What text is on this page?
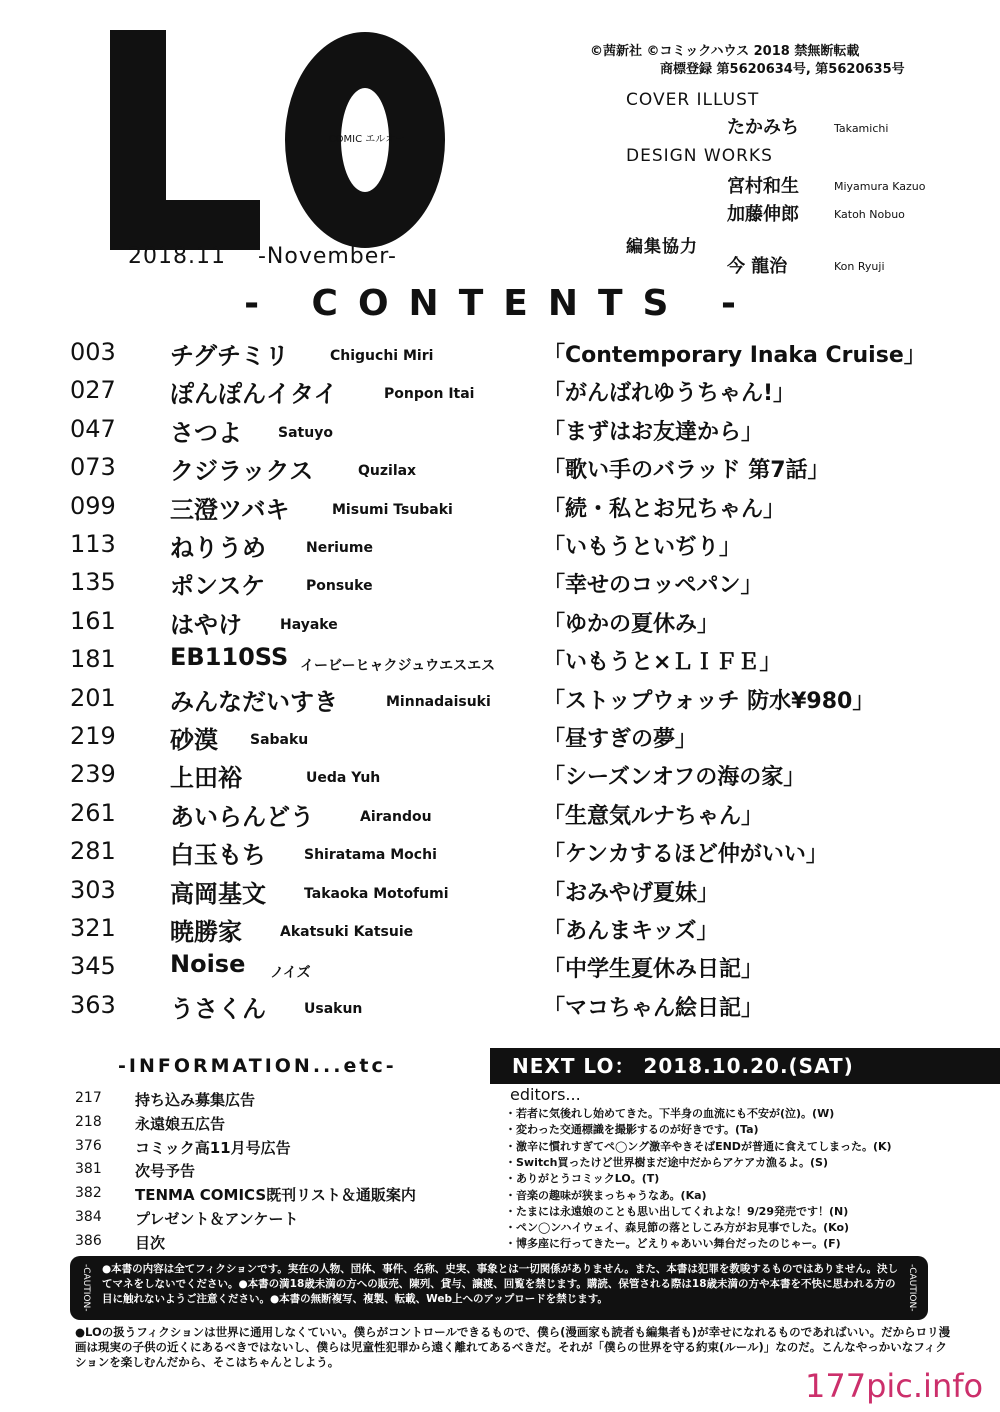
COMIC エルオー
2018.11 -November-
©茜新社 ©コミックハウス 2018 禁無断転載
商標登録 第5620634号, 第5620635号
COVER ILLUST
たかみち	Takamichi
DESIGN WORKS
宮村和生	Miyamura Kazuo
加藤伸郎	Katoh Nobuo
編集協力
今 龍治	Kon Ryuji
- CONTENTS -
003 チグチミリ	Chiguchi Miri	「Contemporary Inaka Cruise」
027 ぽんぽんイタイ	Ponpon Itai	「がんばれゆうちゃん!」
047 さつよ	Satuyo	「まずはお友達から」
073 クジラックス	Quzilax	「歌い手のバラッド 第7話」
099 三澄ツバキ	Misumi Tsubaki	「続・私とお兄ちゃん」
113 ねりうめ	Neriume	「いもうといぢり」
135 ポンスケ	Ponsuke	「幸せのコッペパン」
161 はやけ	Hayake	「ゆかの夏休み」
181 EB110SS イービーヒャクジュウエスエス 「いもうと×ＬＩＦＥ」
201 みんなだいすき	Minnadaisuki 「ストップウォッチ 防水¥980」
219 砂漠 Sabaku	「昼すぎの夢」
239 上田裕	Ueda Yuh	「シーズンオフの海の家」
261 あいらんどう	Airandou	「生意気ルナちゃん」
281 白玉もち	Shiratama Mochi	「ケンカするほど仲がいい」
303 高岡基文	Takaoka Motofumi	「おみやげ夏妹」
321 暁勝家	Akatsuki Katsuie	「あんまキッズ」
345 Noise ノイズ	「中学生夏休み日記」
363 うさくん	Usakun	「マコちゃん絵日記」
-INFORMATION...etc-
217 持ち込み募集広告
218 永遠娘五広告
376 コミック高11月号広告
381 次号予告
382 TENMA COMICS既刊リスト＆通販案内
384 プレゼント＆アンケート
386 目次
NEXT LO： 2018.10.20.(SAT)
editors...
・若者に気後れし始めてきた。下半身の血流にも不安が(泣)。(W)
・変わった交通標識を撮影するのが好きです。(Ta)
・激辛に慣れすぎてペ◯ング激辛やきそばENDが普通に食えてしまった。(K)
・Switch買ったけど世界樹まだ途中だからアケアカ漁るよ。(S)
・ありがとうコミックLO。(T)
・音楽の趣味が狭まっちゃうなあ。(Ka)
・たまには永遠娘のことも思い出してくれよな！9/29発売です！(N)
・ペン◯ンハイウェイ、森見節の落としこみ方がお見事でした。(Ko)
・博多座に行ってきたー。どえりゃあいい舞台だったのじゃー。(F)
-CAUTION-	●本書の内容は全てフィクションです。実在の人物、団体、事件、名称、史実、事象とは一切関係がありません。また、本書は犯罪を教唆するものではありません。決してマネをしないでください。●本書の満18歳未満の方への販売、陳列、貸与、譲渡、回覧を禁じます。購読、保管される際は18歳未満の方や本書を不快に思われる方の目に触れないようご注意ください。●本書の無断複写、複製、転載、Web上へのアップロードを禁じます。	-CAUTION-
●LOの扱うフィクションは世界に通用しなくていい。僕らがコントロールできるもので、僕ら(漫画家も読者も編集者も)が幸せになれるものであればいい。だからロリ漫画は現実の子供の近くにあるべきではないし、僕らは児童性犯罪から遠く離れてあるべきだ。それが「僕らの世界を守る約束(ルール)」なのだ。こんなやっかいなフィクションを楽しむんだから、そこはちゃんとしよう。
177pic.info
